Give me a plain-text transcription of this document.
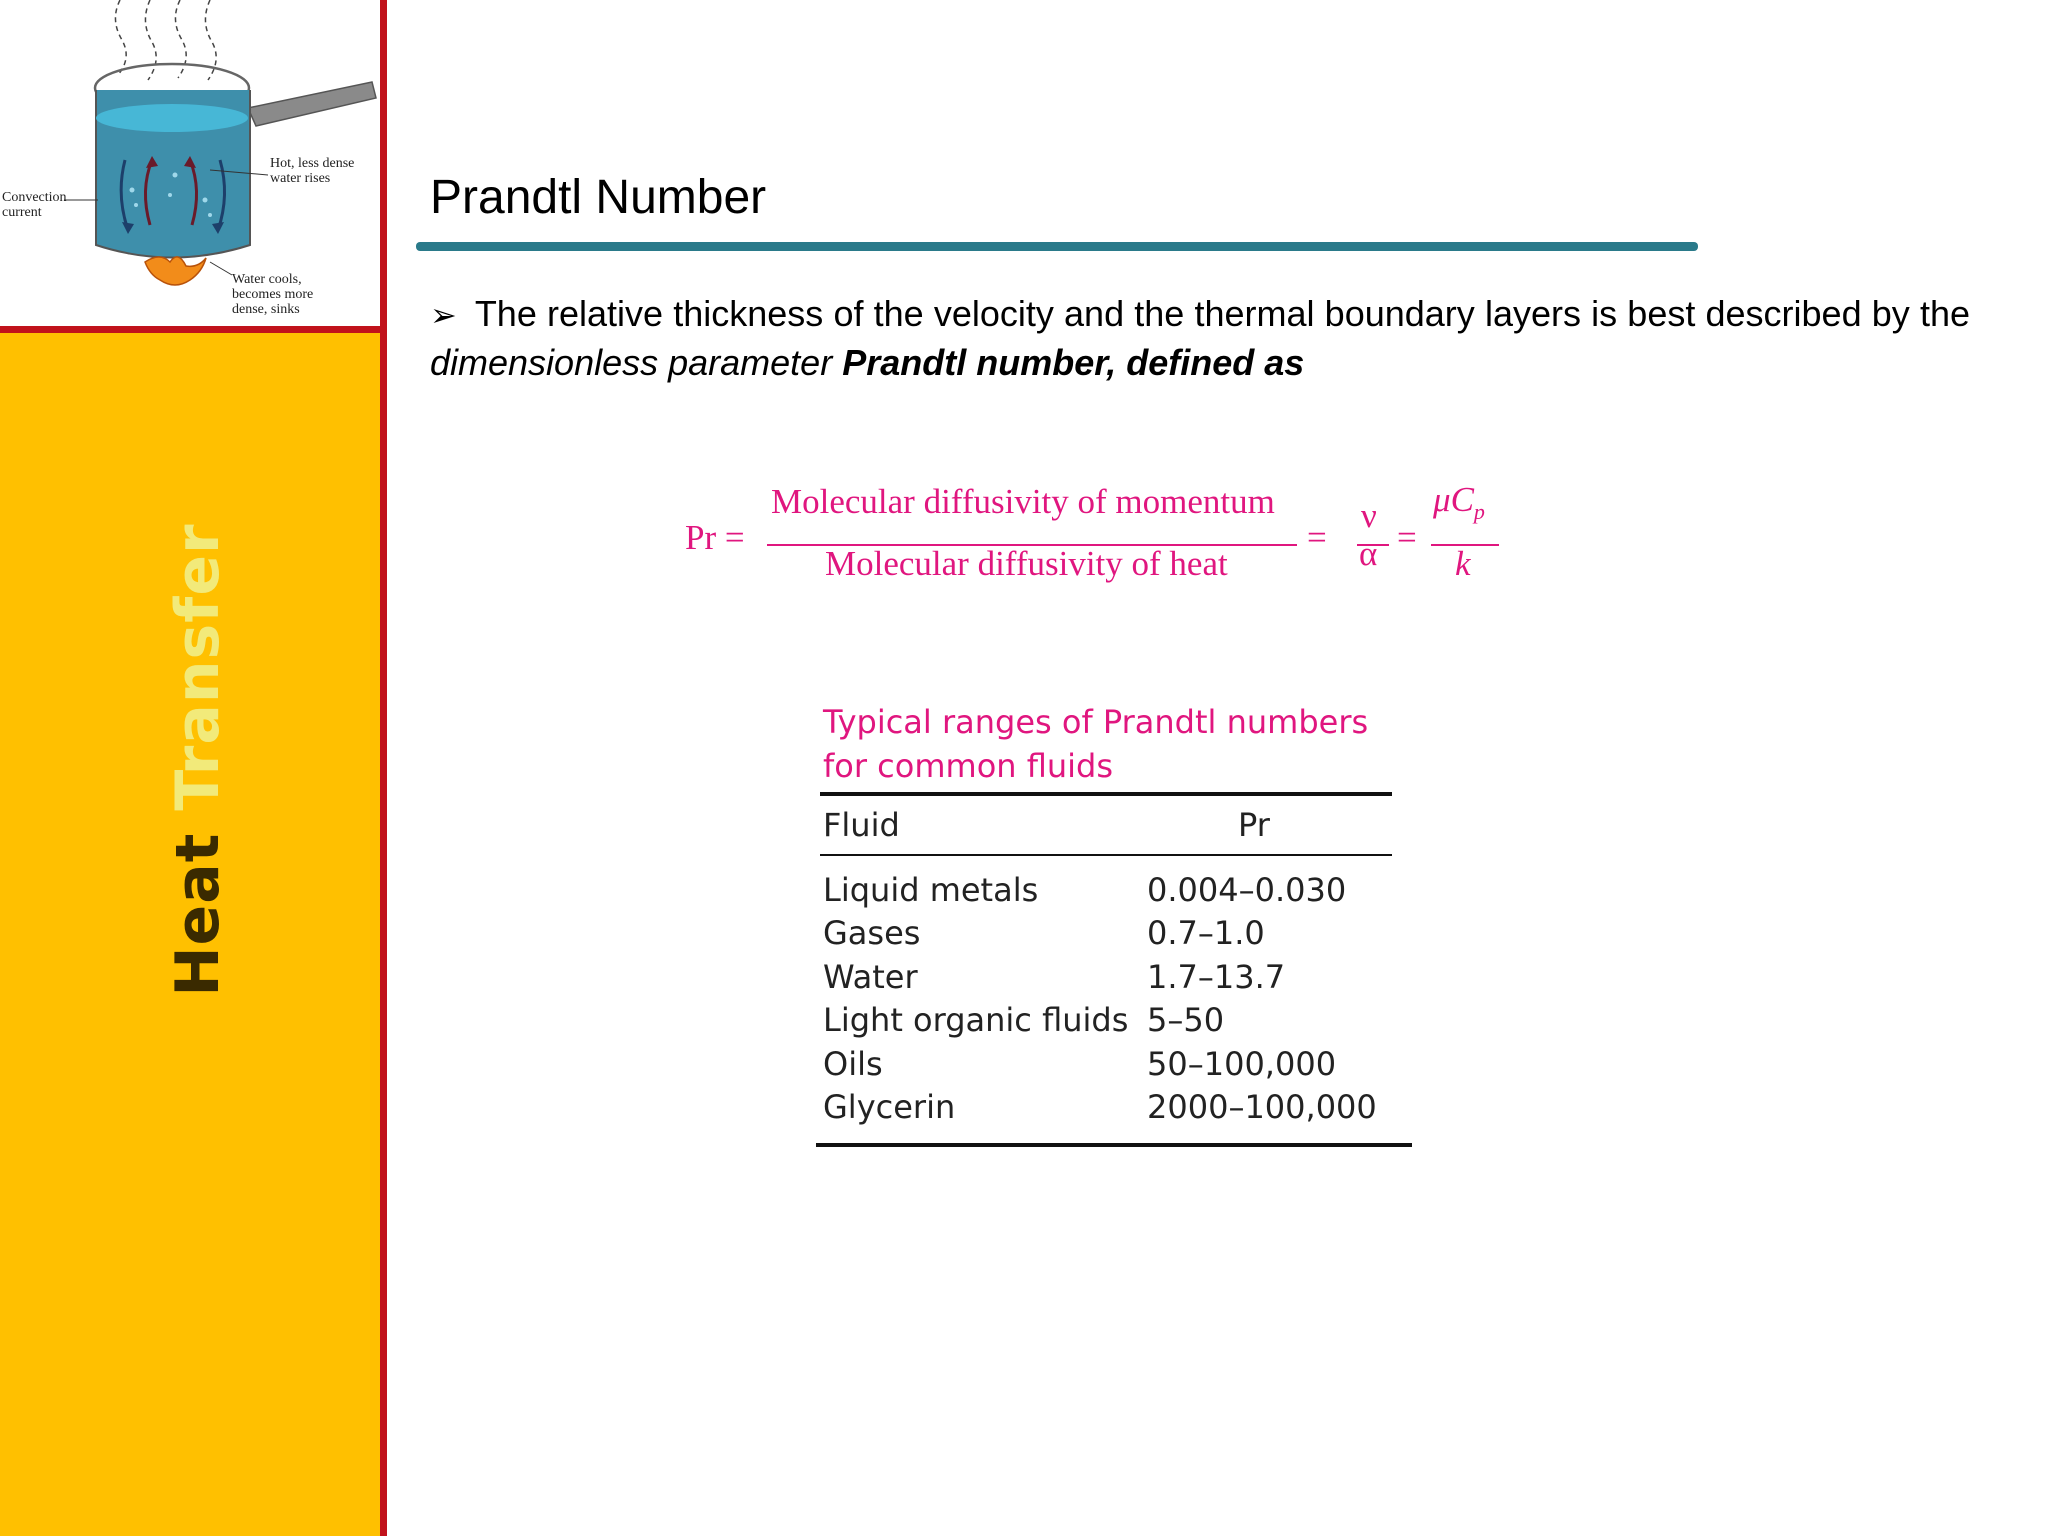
Hot, less dense water rises
Convection current
Water cools, becomes more dense, sinks
HeatTransfer
Prandtl Number
➢ The relative thickness of the velocity and the thermal boundary layers is best described by the dimensionless parameter Prandtl number, defined as
Pr =
Molecular diffusivity of momentum
Molecular diffusivity of heat
=
ν
α =
$\mu C_p$
k
Typical ranges of Prandtl numbers
for common fluids
Fluid	Pr
Liquid metals	0.004–0.030
Gases	0.7–1.0
Water	1.7–13.7
Light organic fluids 5–50
Oils	50–100,000
Glycerin	2000–100,000
